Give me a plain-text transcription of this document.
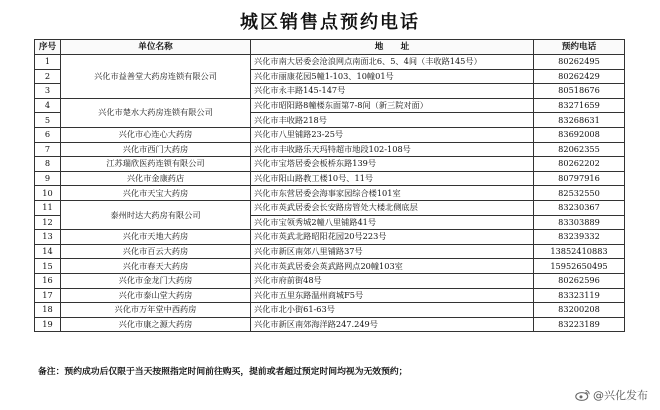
城区销售点预约电话
序号	单位名称	地　　址	预约电话
1	兴化市益善堂大药房连锁有限公司	兴化市南大居委会沧浪网点南面北6、5、4间（丰收路145号）	80262495
2		兴化市丽康花园5幢1-103、10幢01号	80262429
3		兴化市永丰路145-147号	80518676
4	兴化市楚水大药房连锁有限公司	兴化市昭阳路8幢楼东面第7-8间（新三院对面）	83271659
5		兴化市丰收路218号	83268631
6	兴化市心连心大药房	兴化市八里铺路23-25号	83692008
7	兴化市西门大药房	兴化市丰收路乐天玛特超市地段102-108号	82062355
8	江苏瑞欣医药连锁有限公司	兴化市宝塔居委会板桥东路139号	80262202
9	兴化市金康药店	兴化市阳山路教工楼10号、11号	80797916
10	兴化市天宝大药房	兴化市东营居委会海事家园综合楼101室	82532550
11	泰州时达大药房有限公司	兴化市英武居委会长安路房管处大楼北侧底层	83230367
12		兴化市宝领秀城2幢八里铺路41号	83303889
13	兴化市天地大药房	兴化市英武北路昭阳花园20号223号	83239332
14	兴化市百云大药房	兴化市新区南郊八里铺路37号	13852410883
15	兴化市春天大药房	兴化市英武居委会英武路网点20幢103室	15952650495
16	兴化市金龙门大药房	兴化市府前街48号	80262596
17	兴化市泰山堂大药房	兴化市五里东路温州商城F5号	83323119
18	兴化市万年堂中西药房	兴化市北小街61-63号	83200208
19	兴化市康之源大药房	兴化市新区南郊海洋路247.249号	83223189
备注：预约成功后仅限于当天按照指定时间前往购买，提前或者超过预定时间均视为无效预约；
@兴化发布
